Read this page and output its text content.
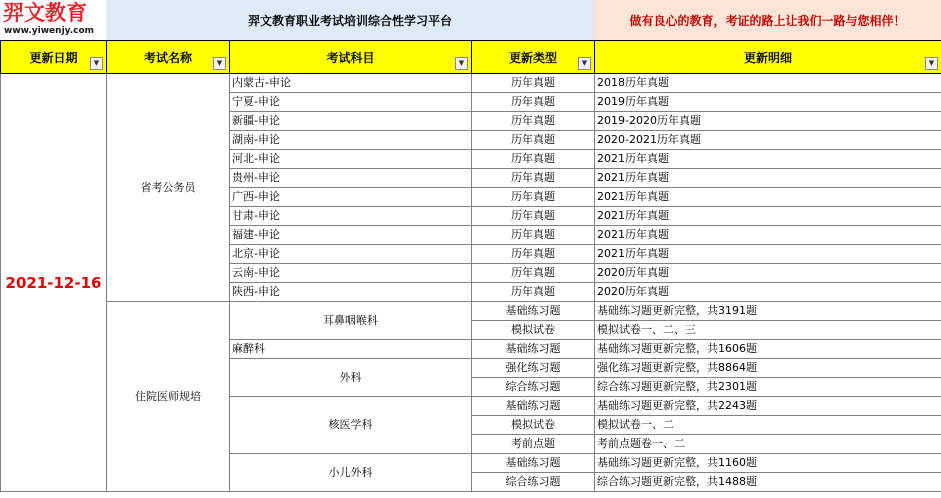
羿文教育
www.yiwenjy.com
羿文教育职业考试培训综合性学习平台	做有良心的教育，考证的路上让我们一路与您相伴！
更新日期 ▼	考试名称 ▼	考试科目 ▼	更新类型 ▼	更新明细 ▼

2021-12-16	省考公务员	内蒙古-申论	历年真题	2018历年真题
		宁夏-申论	历年真题	2019历年真题
		新疆-申论	历年真题	2019-2020历年真题
		湖南-申论	历年真题	2020-2021历年真题
		河北-申论	历年真题	2021历年真题
		贵州-申论	历年真题	2021历年真题
		广西-申论	历年真题	2021历年真题
		甘肃-申论	历年真题	2021历年真题
		福建-申论	历年真题	2021历年真题
		北京-申论	历年真题	2021历年真题
		云南-申论	历年真题	2020历年真题
		陕西-申论	历年真题	2020历年真题
	住院医师规培	耳鼻咽喉科	基础练习题	基础练习题更新完整，共3191题
			模拟试卷	模拟试卷一、二、三
		麻醉科	基础练习题	基础练习题更新完整，共1606题
		外科	强化练习题	强化练习题更新完整，共8864题
			综合练习题	综合练习题更新完整，共2301题
		核医学科	基础练习题	基础练习题更新完整，共2243题
			模拟试卷	模拟试卷一、二
			考前点题	考前点题卷一、二
		小儿外科	基础练习题	基础练习题更新完整，共1160题
			综合练习题	综合练习题更新完整，共1488题
